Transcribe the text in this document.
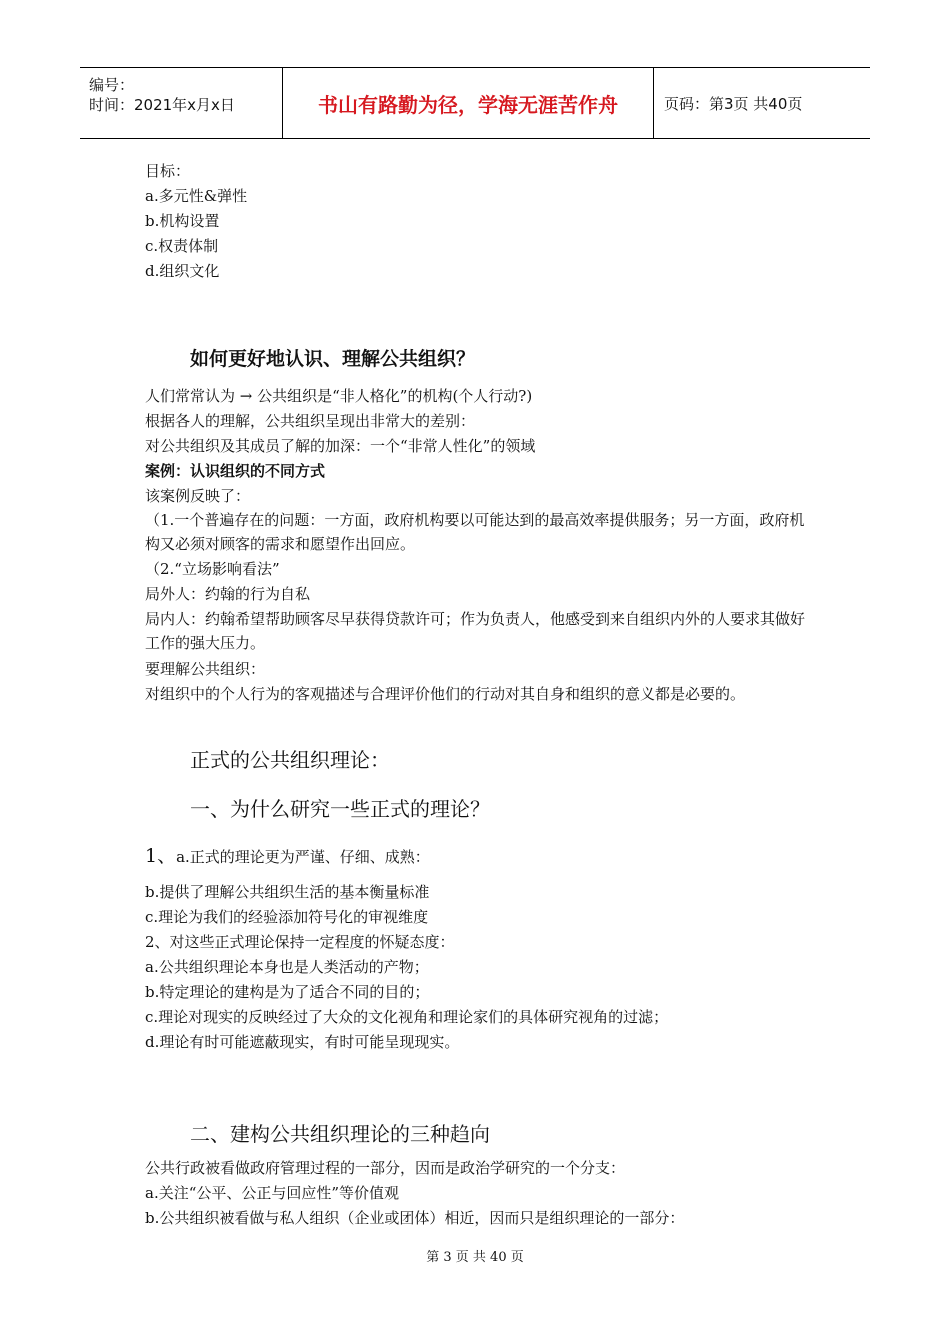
编号：
时间：2021年x月x日	书山有路勤为径，学海无涯苦作舟	页码：第3页 共40页
目标：
a.多元性&弹性
b.机构设置
c.权责体制
d.组织文化
如何更好地认识、理解公共组织？
人们常常认为 → 公共组织是“非人格化”的机构(个人行动?)
根据各人的理解，公共组织呈现出非常大的差别：
对公共组织及其成员了解的加深：一个“非常人性化”的领域
案例：认识组织的不同方式
该案例反映了：
（1.一个普遍存在的问题：一方面，政府机构要以可能达到的最高效率提供服务；另一方面，政府机构又必须对顾客的需求和愿望作出回应。
（2.“立场影响看法”
局外人：约翰的行为自私
局内人：约翰希望帮助顾客尽早获得贷款许可；作为负责人，他感受到来自组织内外的人要求其做好工作的强大压力。
要理解公共组织：
对组织中的个人行为的客观描述与合理评价他们的行动对其自身和组织的意义都是必要的。
正式的公共组织理论：
一、为什么研究一些正式的理论？
1、a.正式的理论更为严谨、仔细、成熟：
b.提供了理解公共组织生活的基本衡量标准
c.理论为我们的经验添加符号化的审视维度
2、对这些正式理论保持一定程度的怀疑态度：
a.公共组织理论本身也是人类活动的产物；
b.特定理论的建构是为了适合不同的目的；
c.理论对现实的反映经过了大众的文化视角和理论家们的具体研究视角的过滤；
d.理论有时可能遮蔽现实，有时可能呈现现实。
二、建构公共组织理论的三种趋向
公共行政被看做政府管理过程的一部分，因而是政治学研究的一个分支：
a.关注“公平、公正与回应性”等价值观
b.公共组织被看做与私人组织（企业或团体）相近，因而只是组织理论的一部分：
第 3 页 共 40 页
